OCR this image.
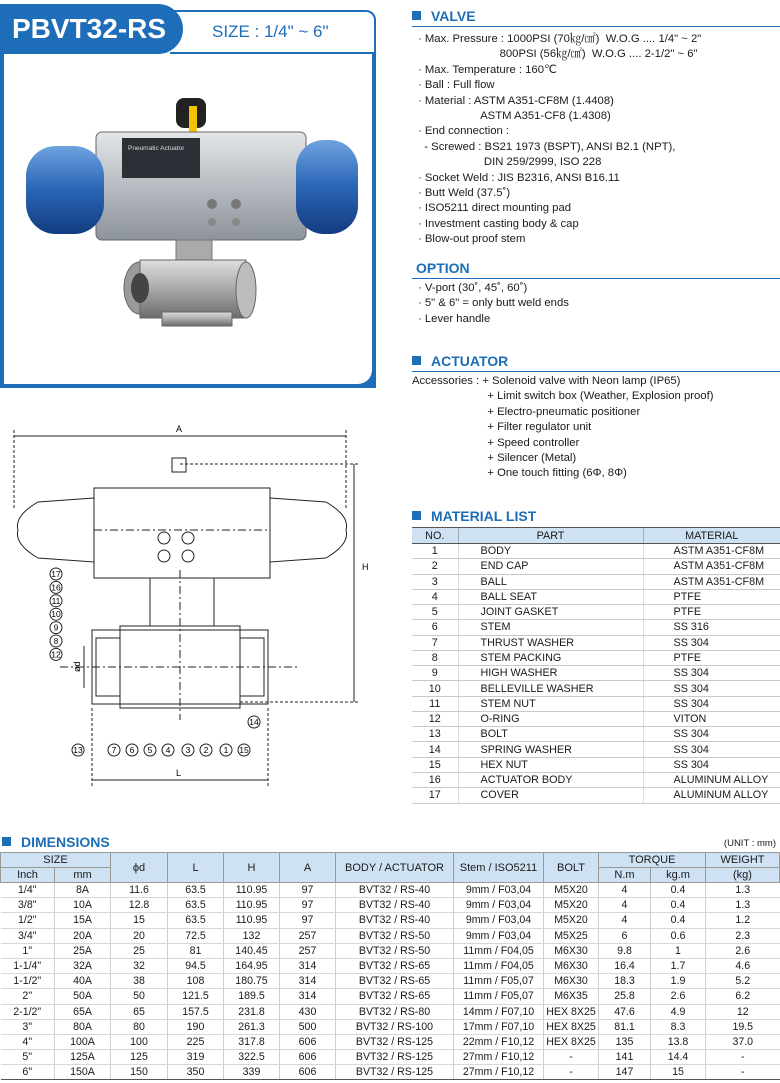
PBVT32-RS	SIZE : 1/4" ~ 6"
Pneumatic Actuator
VALVE
· Max. Pressure : 1000PSI (70㎏/㎠)  W.O.G .... 1/4" ~ 2"
800PSI (56㎏/㎠)  W.O.G .... 2-1/2" ~ 6"
· Max. Temperature : 160℃
· Ball : Full flow
· Material : ASTM A351-CF8M (1.4408)
ASTM A351-CF8 (1.4308)
· End connection :
- Screwed : BS21 1973 (BSPT), ANSI B2.1 (NPT),
DIN 259/2999, ISO 228
· Socket Weld : JIS B2316, ANSI B16.11
· Butt Weld (37.5˚)
· ISO5211 direct mounting pad
· Investment casting body & cap
· Blow-out proof stem
OPTION
· V-port (30˚, 45˚, 60˚)
· 5" & 6" = only butt weld ends
· Lever handle
ACTUATOR
Accessories : + Solenoid valve with Neon lamp (IP65)
+ Limit switch box (Weather, Explosion proof)
+ Electro-pneumatic positioner
+ Filter regulator unit
+ Speed controller
+ Silencer (Metal)
+ One touch fitting (6Φ, 8Φ)
A
H
L
ød
17
16
11
10
9
8
12
13	7 6 5 4 3 2 1 15
14
MATERIAL LIST
NO.	PART	MATERIAL
1	BODY	ASTM A351-CF8M
2	END CAP	ASTM A351-CF8M
3	BALL	ASTM A351-CF8M
4	BALL SEAT	PTFE
5	JOINT GASKET	PTFE
6	STEM	SS 316
7	THRUST WASHER	SS 304
8	STEM PACKING	PTFE
9	HIGH WASHER	SS 304
10	BELLEVILLE WASHER	SS 304
11	STEM NUT	SS 304
12	O-RING	VITON
13	BOLT	SS 304
14	SPRING WASHER	SS 304
15	HEX NUT	SS 304
16	ACTUATOR BODY	ALUMINUM ALLOY
17	COVER	ALUMINUM ALLOY
DIMENSIONS	(UNIT : mm)
SIZE		ϕd	L	H	A	BODY / ACTUATOR	Stem / ISO5211	BOLT	TORQUE		WEIGHT
Inch	mm								N.m	kg.m	(kg)
1/4"	8A	11.6	63.5	110.95	97	BVT32 / RS-40	9mm / F03,04	M5X20	4	0.4	1.3
3/8"	10A	12.8	63.5	110.95	97	BVT32 / RS-40	9mm / F03,04	M5X20	4	0.4	1.3
1/2"	15A	15	63.5	110.95	97	BVT32 / RS-40	9mm / F03,04	M5X20	4	0.4	1.2
3/4"	20A	20	72.5	132	257	BVT32 / RS-50	9mm / F03,04	M5X25	6	0.6	2.3
1"	25A	25	81	140.45	257	BVT32 / RS-50	11mm / F04,05	M6X30	9.8	1	2.6
1-1/4"	32A	32	94.5	164.95	314	BVT32 / RS-65	11mm / F04,05	M6X30	16.4	1.7	4.6
1-1/2"	40A	38	108	180.75	314	BVT32 / RS-65	11mm / F05,07	M6X30	18.3	1.9	5.2
2"	50A	50	121.5	189.5	314	BVT32 / RS-65	11mm / F05,07	M6X35	25.8	2.6	6.2
2-1/2"	65A	65	157.5	231.8	430	BVT32 / RS-80	14mm / F07,10	HEX 8X25	47.6	4.9	12
3"	80A	80	190	261.3	500	BVT32 / RS-100	17mm / F07,10	HEX 8X25	81.1	8.3	19.5
4"	100A	100	225	317.8	606	BVT32 / RS-125	22mm / F10,12	HEX 8X25	135	13.8	37.0
5"	125A	125	319	322.5	606	BVT32 / RS-125	27mm / F10,12	-	141	14.4	-
6"	150A	150	350	339	606	BVT32 / RS-125	27mm / F10,12	-	147	15	-
